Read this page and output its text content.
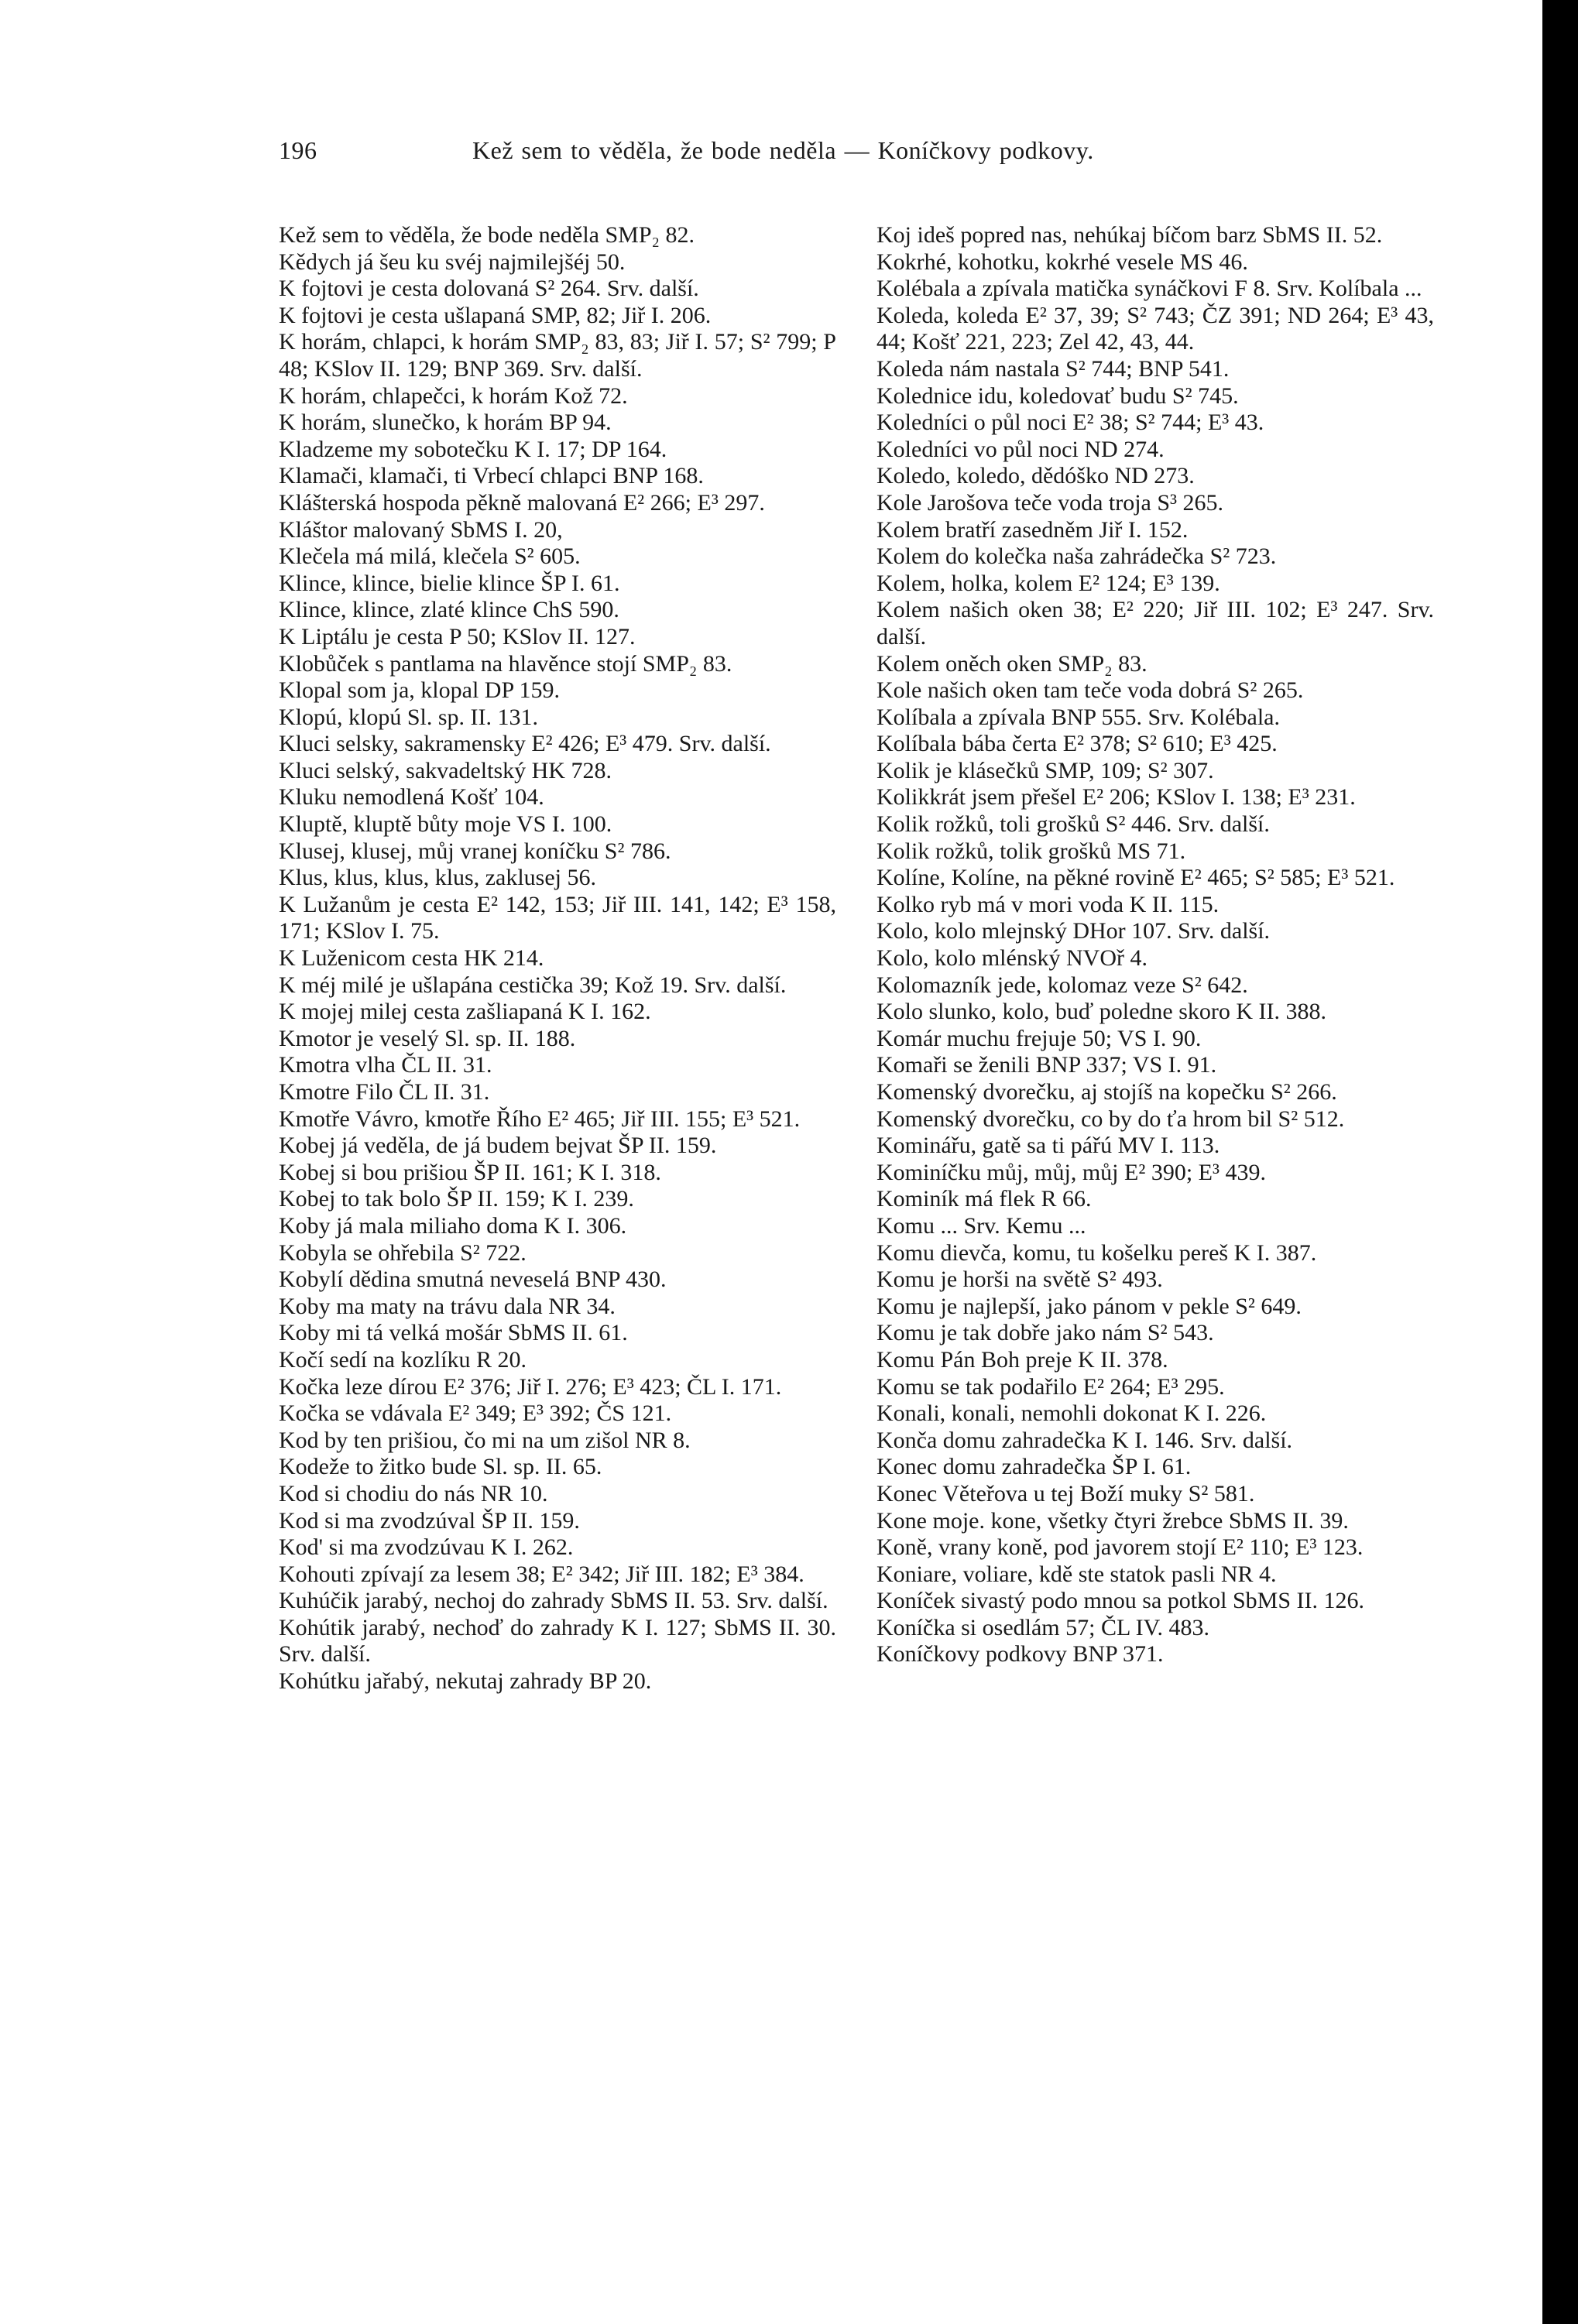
196	Kež sem to věděla, že bode neděla — Koníčkovy podkovy.
Kež sem to věděla, že bode neděla SMP₂ 82.
Kědych já šeu ku svéj najmilejšéj 50.
K fojtovi je cesta dolovaná S² 264. Srv. další.
K fojtovi je cesta ušlapaná SMP, 82; Jiř I. 206.
K horám, chlapci, k horám SMP₂ 83, 83; Jiř I. 57; S² 799; P 48; KSlov II. 129; BNP 369. Srv. další.
K horám, chlapečci, k horám Kož 72.
K horám, slunečko, k horám BP 94.
Kladzeme my sobotečku K I. 17; DP 164.
Klamači, klamači, ti Vrbecí chlapci BNP 168.
Klášterská hospoda pěkně malovaná E² 266; E³ 297.
Kláštor malovaný SbMS I. 20,
Klečela má milá, klečela S² 605.
Klince, klince, bielie klince ŠP I. 61.
Klince, klince, zlaté klince ChS 590.
K Liptálu je cesta P 50; KSlov II. 127.
Klobůček s pantlama na hlavěnce stojí SMP₂ 83.
Klopal som ja, klopal DP 159.
Klopú, klopú Sl. sp. II. 131.
Kluci selsky, sakramensky E² 426; E³ 479. Srv. další.
Kluci selský, sakvadeltský HK 728.
Kluku nemodlená Košť 104.
Kluptě, kluptě bůty moje VS I. 100.
Klusej, klusej, můj vranej koníčku S² 786.
Klus, klus, klus, klus, zaklusej 56.
K Lužanům je cesta E² 142, 153; Jiř III. 141, 142; E³ 158, 171; KSlov I. 75.
K Luženicom cesta HK 214.
K méj milé je ušlapána cestička 39; Kož 19. Srv. další.
K mojej milej cesta zašliapaná K I. 162.
Kmotor je veselý Sl. sp. II. 188.
Kmotra vlha ČL II. 31.
Kmotre Filo ČL II. 31.
Kmotře Vávro, kmotře Řího E² 465; Jiř III. 155; E³ 521.
Kobej já veděla, de já budem bejvat ŠP II. 159.
Kobej si bou prišiou ŠP II. 161; K I. 318.
Kobej to tak bolo ŠP II. 159; K I. 239.
Koby já mala miliaho doma K I. 306.
Kobyla se ohřebila S² 722.
Kobylí dědina smutná neveselá BNP 430.
Koby ma maty na trávu dala NR 34.
Koby mi tá velká mošár SbMS II. 61.
Kočí sedí na kozlíku R 20.
Kočka leze dírou E² 376; Jiř I. 276; E³ 423; ČL I. 171.
Kočka se vdávala E² 349; E³ 392; ČS 121.
Kod by ten prišiou, čo mi na um zišol NR 8.
Kodeže to žitko bude Sl. sp. II. 65.
Kod si chodiu do nás NR 10.
Kod si ma zvodzúval ŠP II. 159.
Kod' si ma zvodzúvau K I. 262.
Kohouti zpívají za lesem 38; E² 342; Jiř III. 182; E³ 384.
Kuhúčik jarabý, nechoj do zahrady SbMS II. 53. Srv. další.
Kohútik jarabý, nechoď do zahrady K I. 127; SbMS II. 30. Srv. další.
Kohútku jařabý, nekutaj zahrady BP 20.
Koj ideš popred nas, nehúkaj bíčom barz SbMS II. 52.
Kokrhé, kohotku, kokrhé vesele MS 46.
Kolébala a zpívala matička synáčkovi F 8. Srv. Kolíbala ...
Koleda, koleda E² 37, 39; S² 743; ČZ 391; ND 264; E³ 43, 44; Košť 221, 223; Zel 42, 43, 44.
Koleda nám nastala S² 744; BNP 541.
Kolednice idu, koledovať budu S² 745.
Koledníci o půl noci E² 38; S² 744; E³ 43.
Koledníci vo půl noci ND 274.
Koledo, koledo, dědóško ND 273.
Kole Jarošova teče voda troja S³ 265.
Kolem bratří zasedněm Jiř I. 152.
Kolem do kolečka naša zahrádečka S² 723.
Kolem, holka, kolem E² 124; E³ 139.
Kolem našich oken 38; E² 220; Jiř III. 102; E³ 247. Srv. další.
Kolem oněch oken SMP₂ 83.
Kole našich oken tam teče voda dobrá S² 265.
Kolíbala a zpívala BNP 555. Srv. Kolébala.
Kolíbala bába čerta E² 378; S² 610; E³ 425.
Kolik je klásečků SMP, 109; S² 307.
Kolikkrát jsem přešel E² 206; KSlov I. 138; E³ 231.
Kolik rožků, toli grošků S² 446. Srv. další.
Kolik rožků, tolik grošků MS 71.
Kolíne, Kolíne, na pěkné rovině E² 465; S² 585; E³ 521.
Kolko ryb má v mori voda K II. 115.
Kolo, kolo mlejnský DHor 107. Srv. další.
Kolo, kolo mlénský NVOř 4.
Kolomazník jede, kolomaz veze S² 642.
Kolo slunko, kolo, buď poledne skoro K II. 388.
Komár muchu frejuje 50; VS I. 90.
Komaři se ženili BNP 337; VS I. 91.
Komenský dvorečku, aj stojíš na kopečku S² 266.
Komenský dvorečku, co by do ťa hrom bil S² 512.
Kominářu, gatě sa ti pářú MV I. 113.
Kominíčku můj, můj, můj E² 390; E³ 439.
Kominík má flek R 66.
Komu ... Srv. Kemu ...
Komu dievča, komu, tu košelku pereš K I. 387.
Komu je horši na světě S² 493.
Komu je najlepší, jako pánom v pekle S² 649.
Komu je tak dobře jako nám S² 543.
Komu Pán Boh preje K II. 378.
Komu se tak podařilo E² 264; E³ 295.
Konali, konali, nemohli dokonat K I. 226.
Konča domu zahradečka K I. 146. Srv. další.
Konec domu zahradečka ŠP I. 61.
Konec Věteřova u tej Boží muky S² 581.
Kone moje. kone, všetky čtyri žrebce SbMS II. 39.
Koně, vrany koně, pod javorem stojí E² 110; E³ 123.
Koniare, voliare, kdě ste statok pasli NR 4.
Koníček sivastý podo mnou sa potkol SbMS II. 126.
Koníčka si osedlám 57; ČL IV. 483.
Koníčkovy podkovy BNP 371.
